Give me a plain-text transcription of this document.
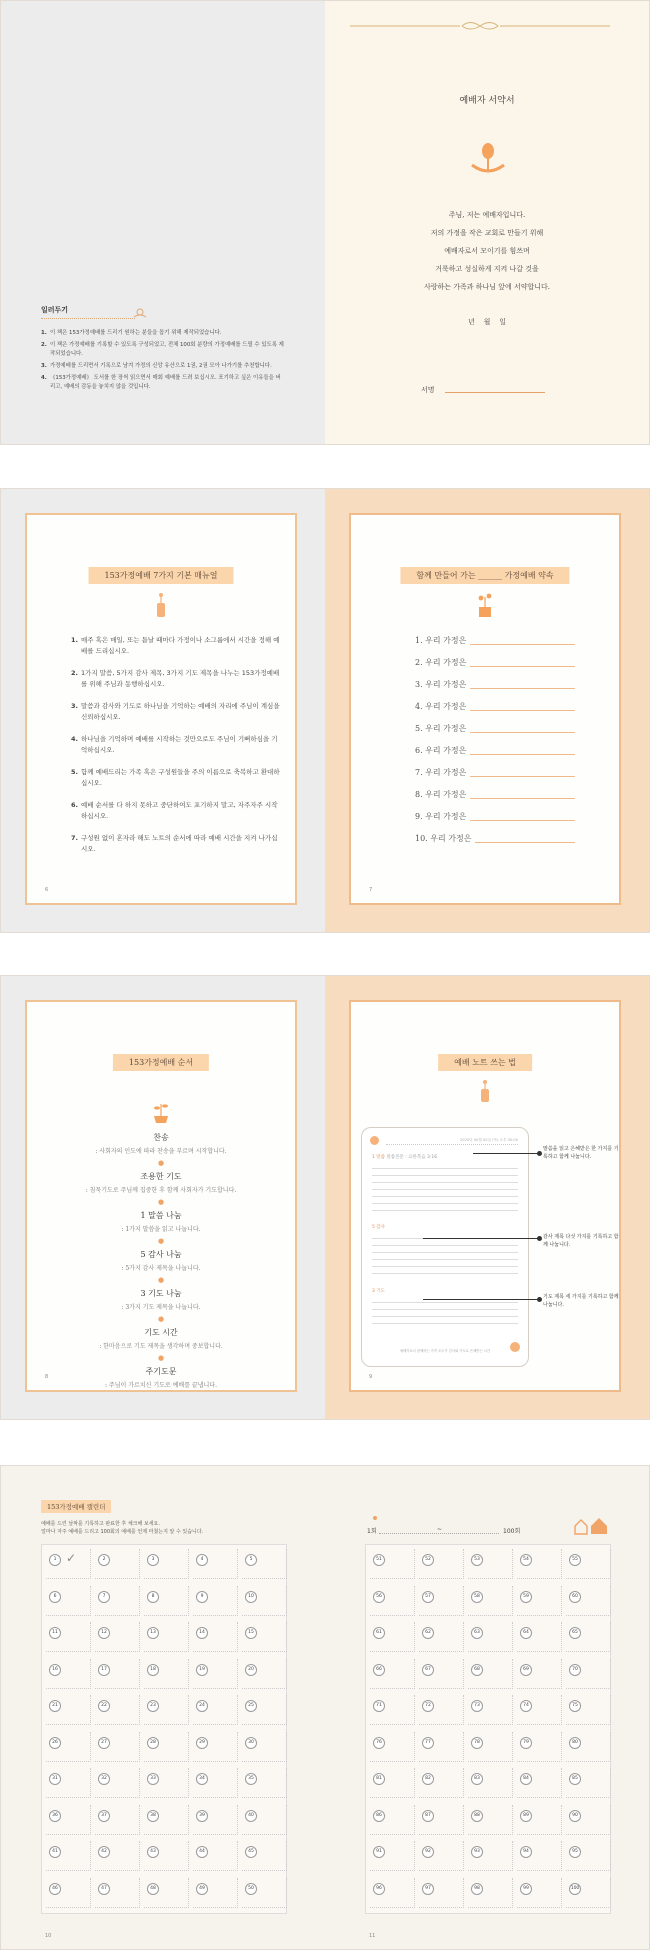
일러두기
1. 이 책은 153가정예배를 드리기 원하는 분들을 돕기 위해 제작되었습니다.
2. 이 책은 가정예배를 기록할 수 있도록 구성되었고, 전체 100회 분량의 가정예배를 드릴 수 있도록 제작되었습니다.
3. 가정예배를 드리면서 기록으로 남겨 가정의 신앙 유산으로 1권, 2권 모아 나가기를 추천합니다.
4. 《153가정예배》 도서를 한 장씩 읽으면서 매회 예배를 드려 보십시오. 포기하고 싶은 이유들을 버리고, 예배의 감동을 놓치지 않을 것입니다.
예배자 서약서
주님, 저는 예배자입니다.
저의 가정을 작은 교회로 만들기 위해
예배자로서 모이기를 힘쓰며
거룩하고 성실하게 지켜 나갈 것을
사랑하는 가족과 하나님 앞에 서약합니다.
년    월    일
서명
153가정예배 7가지 기본 매뉴얼
1. 매주 혹은 매일, 또는 틈날 때마다 가정이나 소그룹에서 시간을 정해 예배를 드리십시오.
2. 1가지 말씀, 5가지 감사 제목, 3가지 기도 제목을 나누는 153가정예배를 위해 주님과 동행하십시오.
3. 말씀과 감사와 기도로 하나님을 기억하는 예배의 자리에 주님이 계심을 신뢰하십시오.
4. 하나님을 기억하며 예배를 시작하는 것만으로도 주님이 기뻐하심을 기억하십시오.
5. 함께 예배드리는 가족 혹은 구성원들을 주의 이름으로 축복하고 환대하십시오.
6. 예배 순서를 다 하지 못하고 중단하여도 포기하지 말고, 자주자주 시작하십시오.
7. 구성원 없이 혼자라 해도 노트의 순서에 따라 예배 시간을 지켜 나가십시오.
6
함께 만들어 가는 ______ 가정예배 약속
1. 우리 가정은
2. 우리 가정은
3. 우리 가정은
4. 우리 가정은
5. 우리 가정은
6. 우리 가정은
7. 우리 가정은
8. 우리 가정은
9. 우리 가정은
10. 우리 가정은
7
153가정예배 순서
찬송
: 사회자의 인도에 따라 찬송을 부르며 시작합니다.
●
조용한 기도
: 침묵기도로 주님께 집중한 후 함께 사회자가 기도합니다.
●
1 말씀 나눔
: 1가지 말씀을 읽고 나눕니다.
●
5 감사 나눔
: 5가지 감사 제목을 나눕니다.
●
3 기도 나눔
: 3가지 기도 제목을 나눕니다.
●
기도 시간
: 한마음으로 기도 제목을 생각하며 중보합니다.
●
주기도문
: 주님이 가르치신 기도로 예배를 끝냅니다.
8
예배 노트 쓰는 법
2020년 00월 00일 (목) 오후 00:00
1 말씀 말씀본문 : 요한복음 3:16
5 감사
3 기도
예배자로서 함께하는 가족 모두가 감사와 기도로 은혜받는 시간
말씀을 읽고 은혜받은 한 가지를 기록하고 함께 나눕니다.
감사 제목 다섯 가지를 기록하고 함께 나눕니다.
기도 제목 세 가지를 기록하고 함께 나눕니다.
9
153가정예배 캘린더
예배를 드린 날짜를 기록하고 완료한 후 체크해 보세요.
얼마나 자주 예배를 드리고 100회의 예배를 언제 마쳤는지 알 수 있습니다.
1 ✓	2	3	4	5
6	7	8	9	10
11	12	13	14	15
16	17	18	19	20
21	22	23	24	25
26	27	28	29	30
31	32	33	34	35
36	37	38	39	40
41	42	43	44	45
46	47	48	49	50
10
1회	~	100회
51	52	53	54	55
56	57	58	59	60
61	62	63	64	65
66	67	68	69	70
71	72	73	74	75
76	77	78	79	80
81	82	83	84	85
86	87	88	89	90
91	92	93	94	95
96	97	98	99	100
11
